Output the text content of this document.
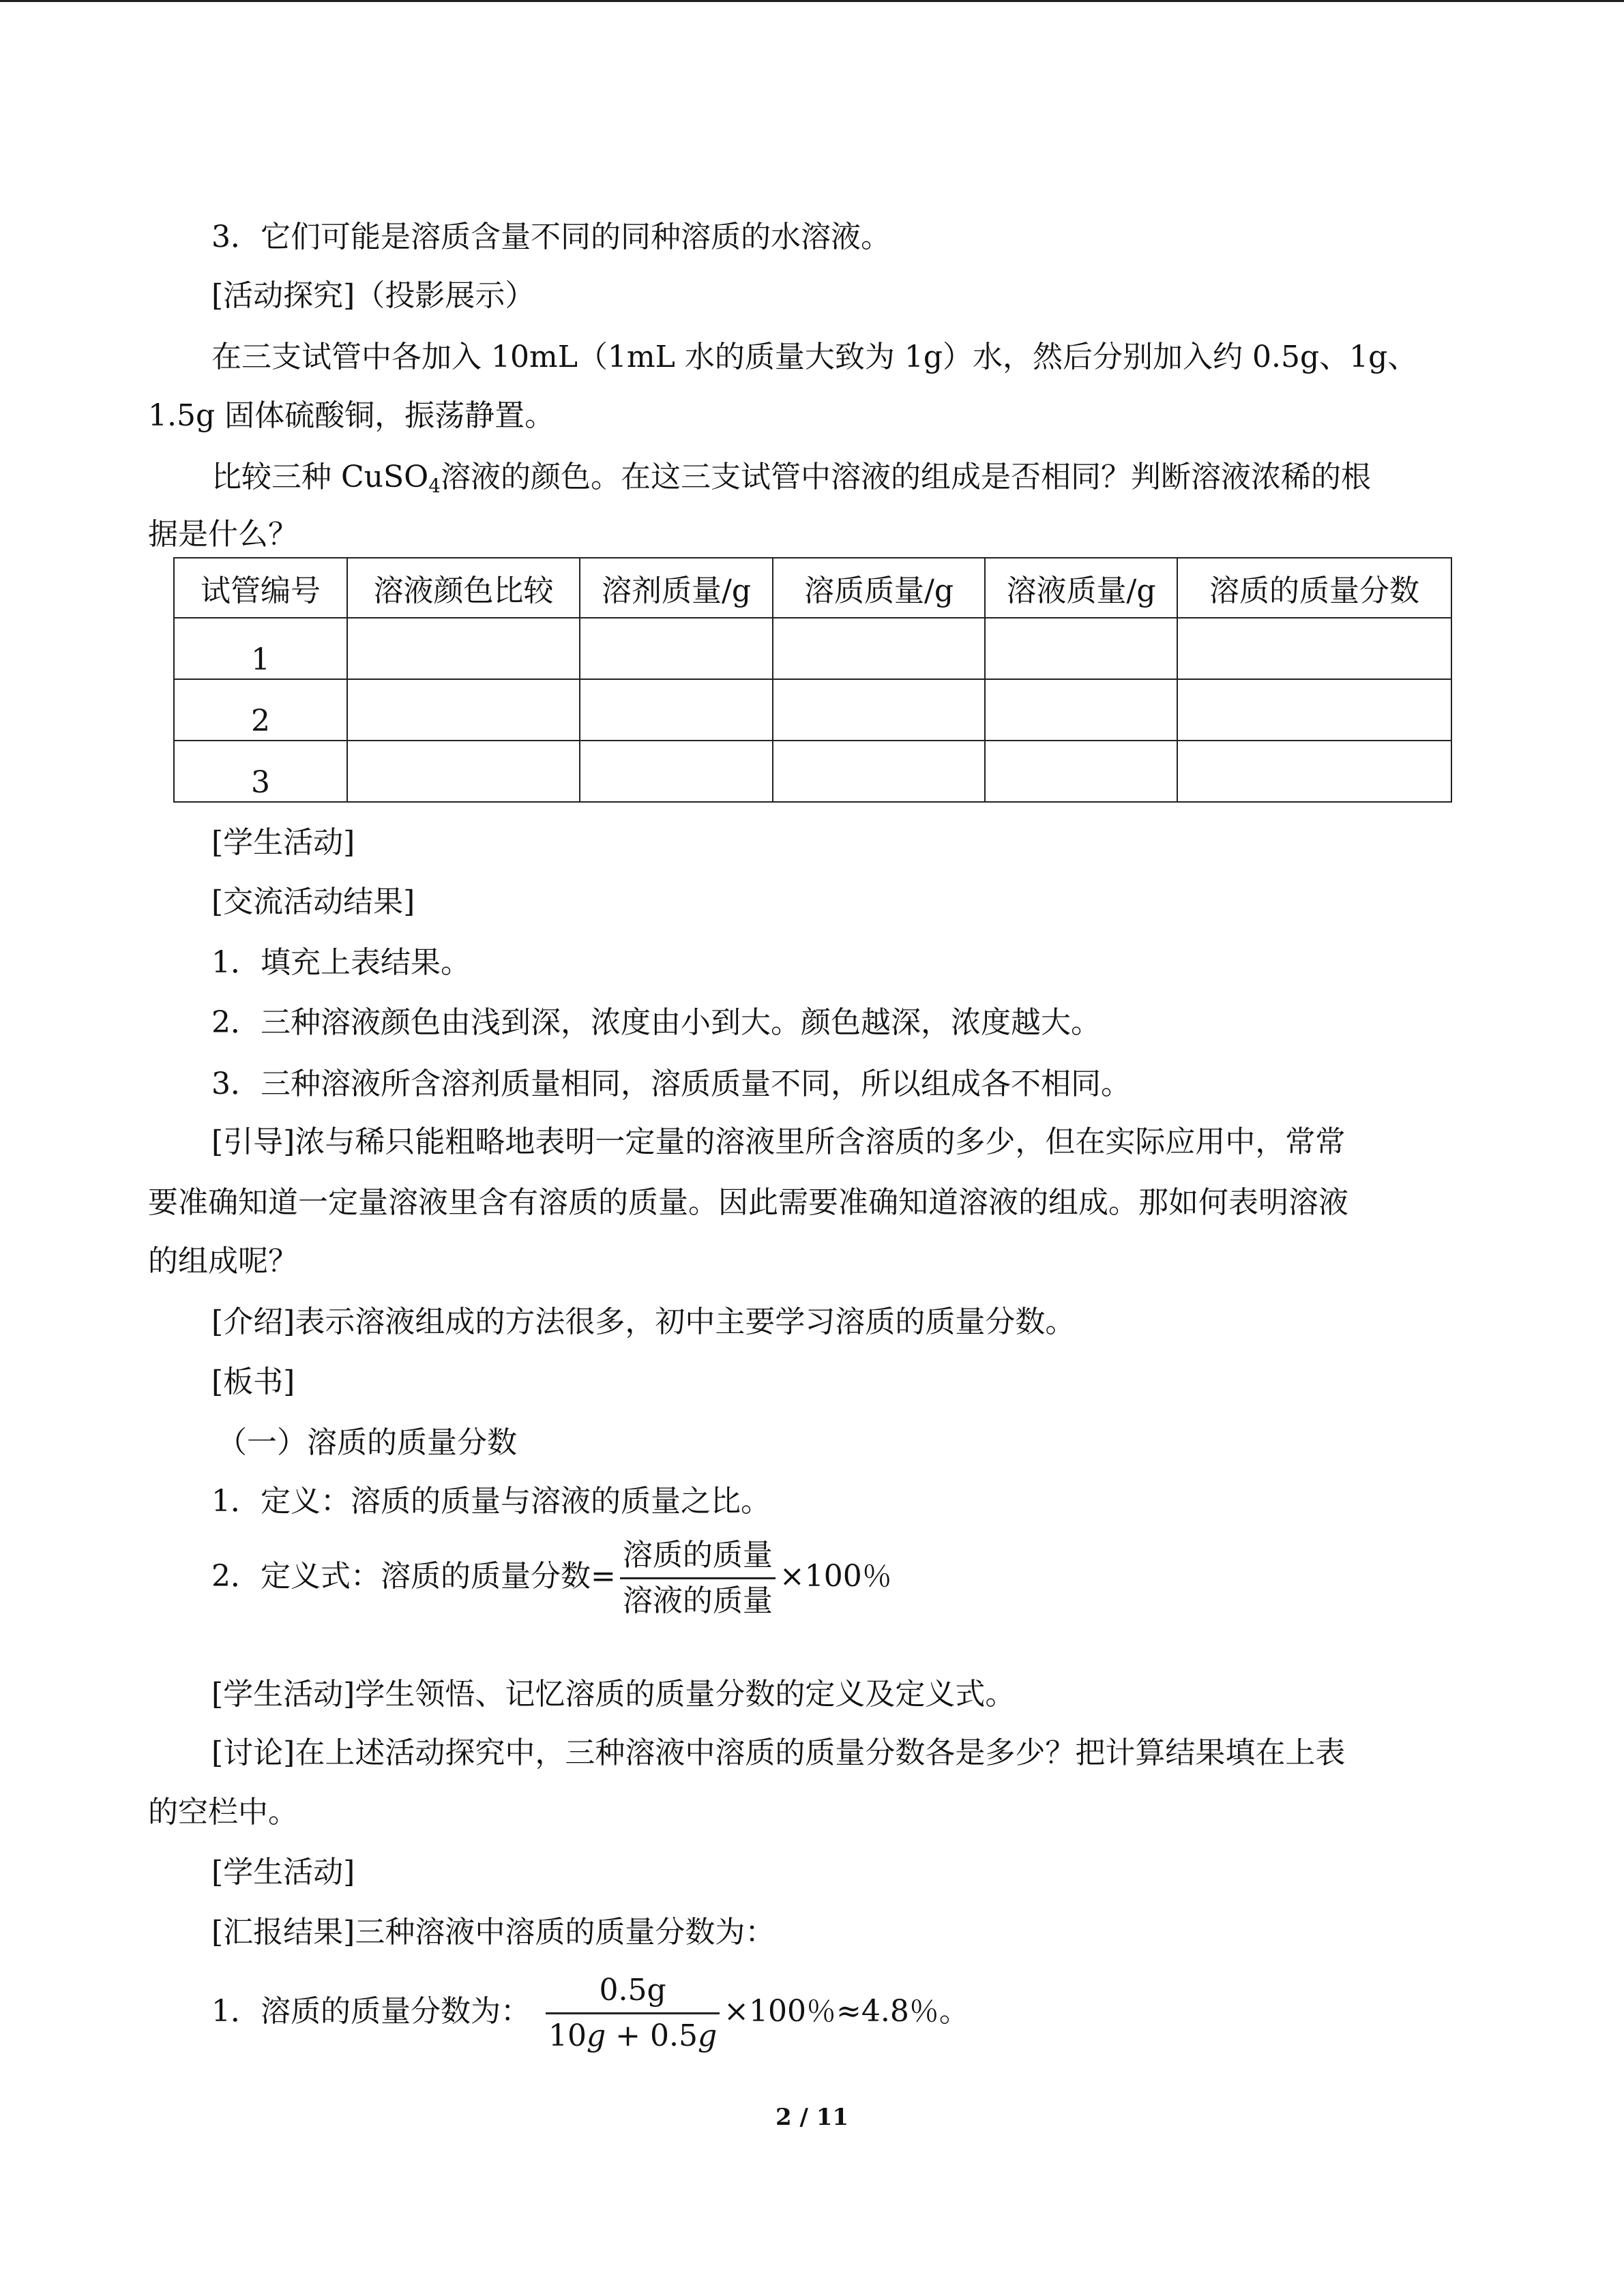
3．它们可能是溶质含量不同的同种溶质的水溶液。

[活动探究]（投影展示）

在三支试管中各加入 10mL（1mL 水的质量大致为 1g）水，然后分别加入约 0.5g、1g、

1.5g 固体硫酸铜，振荡静置。

比较三种 CuSO$_4$溶液的颜色。在这三支试管中溶液的组成是否相同？判断溶液浓稀的根

据是什么？

试管编号	溶液颜色比较	溶剂质量/g	溶质质量/g	溶液质量/g	溶质的质量分数
1					
2					
3					

[学生活动]

[交流活动结果]

1．填充上表结果。

2．三种溶液颜色由浅到深，浓度由小到大。颜色越深，浓度越大。

3．三种溶液所含溶剂质量相同，溶质质量不同，所以组成各不相同。

[引导]浓与稀只能粗略地表明一定量的溶液里所含溶质的多少，但在实际应用中，常常

要准确知道一定量溶液里含有溶质的质量。因此需要准确知道溶液的组成。那如何表明溶液

的组成呢？

[介绍]表示溶液组成的方法很多，初中主要学习溶质的质量分数。

[板书]

（一）溶质的质量分数

1．定义：溶质的质量与溶液的质量之比。

2．定义式：溶质的质量分数= $\frac{\text{溶质的质量}}{\text{溶液的质量}} \times 100$％

[学生活动]学生领悟、记忆溶质的质量分数的定义及定义式。

[讨论]在上述活动探究中，三种溶液中溶质的质量分数各是多少？把计算结果填在上表

的空栏中。

[学生活动]

[汇报结果]三种溶液中溶质的质量分数为：

1．溶质的质量分数为： $\frac{0.5g}{10g + 0.5g} \times 100$％≈4.8％。
2 / 11
